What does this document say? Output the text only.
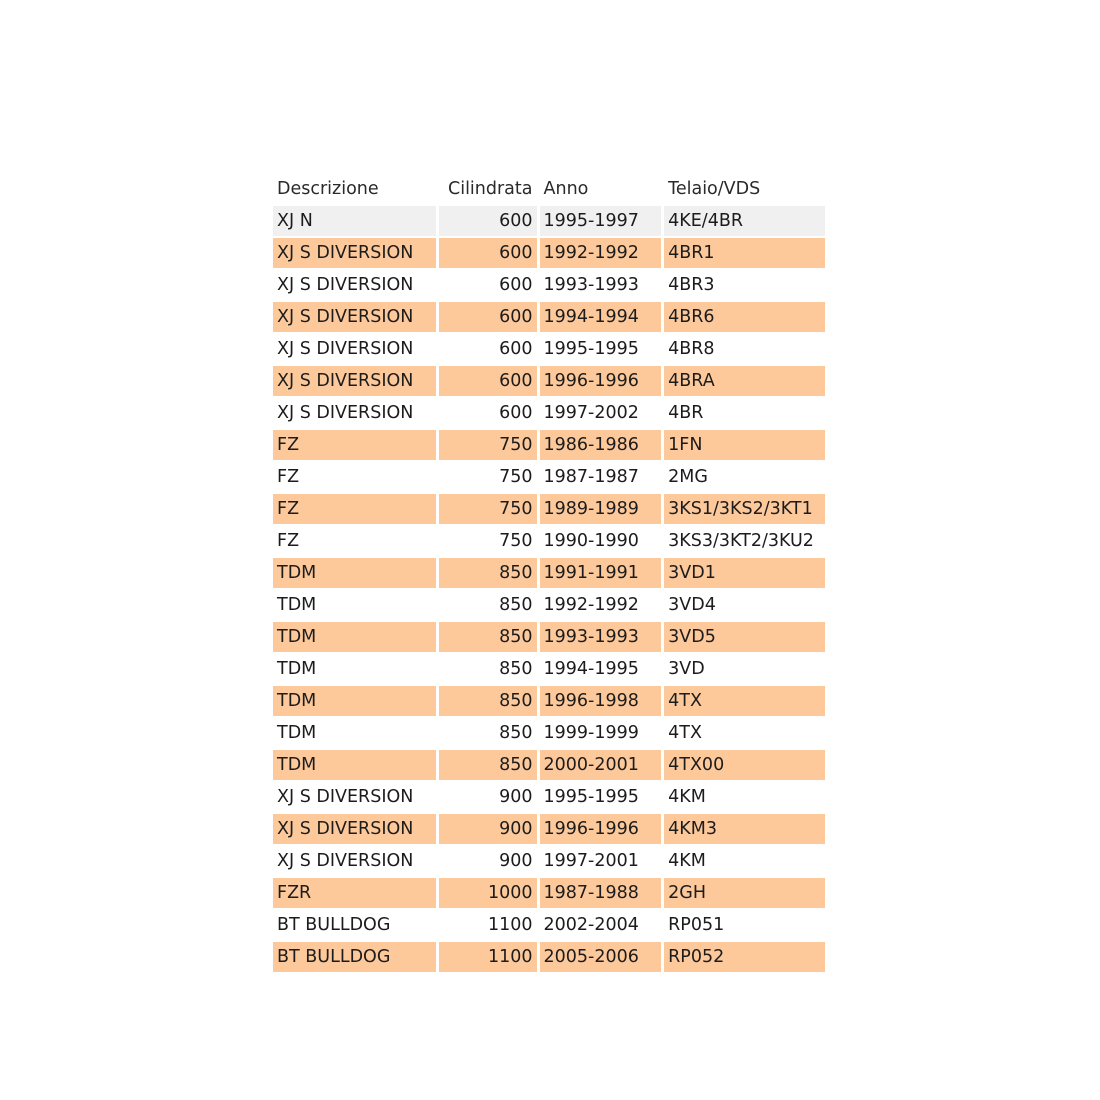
Descrizione	Cilindrata	Anno	Telaio/VDS
XJ N	600	1995-1997	4KE/4BR
XJ S DIVERSION	600	1992-1992	4BR1
XJ S DIVERSION	600	1993-1993	4BR3
XJ S DIVERSION	600	1994-1994	4BR6
XJ S DIVERSION	600	1995-1995	4BR8
XJ S DIVERSION	600	1996-1996	4BRA
XJ S DIVERSION	600	1997-2002	4BR
FZ	750	1986-1986	1FN
FZ	750	1987-1987	2MG
FZ	750	1989-1989	3KS1/3KS2/3KT1
FZ	750	1990-1990	3KS3/3KT2/3KU2
TDM	850	1991-1991	3VD1
TDM	850	1992-1992	3VD4
TDM	850	1993-1993	3VD5
TDM	850	1994-1995	3VD
TDM	850	1996-1998	4TX
TDM	850	1999-1999	4TX
TDM	850	2000-2001	4TX00
XJ S DIVERSION	900	1995-1995	4KM
XJ S DIVERSION	900	1996-1996	4KM3
XJ S DIVERSION	900	1997-2001	4KM
FZR	1000	1987-1988	2GH
BT BULLDOG	1100	2002-2004	RP051
BT BULLDOG	1100	2005-2006	RP052
